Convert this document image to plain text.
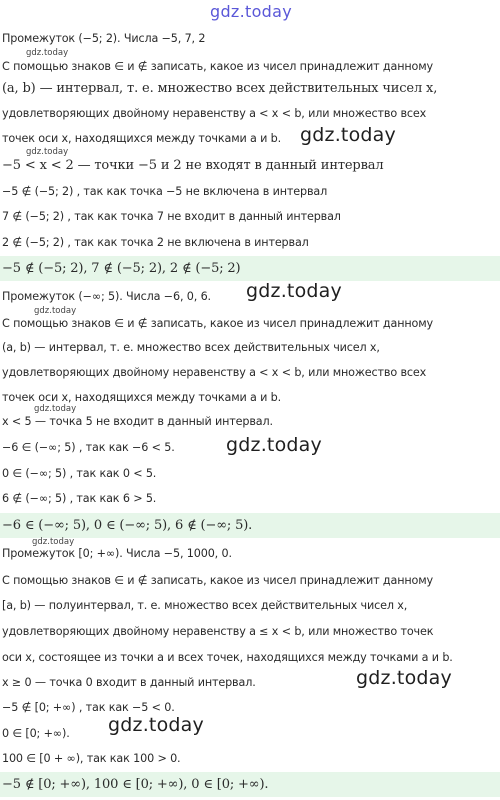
gdz.today
Промежуток (−5; 2). Числа −5, 7, 2
gdz.today
С помощью знаков ∈ и ∉ записать, какое из чисел принадлежит данному
(a, b) — интервал, т. е. множество всех действительных чисел x,
удовлетворяющих двойному неравенству a < x < b, или множество всех
точек оси x, находящихся между точками a и b. gdz.today
gdz.today
−5 < x < 2 — точки −5 и 2 не входят в данный интервал
−5 ∉ (−5; 2) , так как точка −5 не включена в интервал
7 ∉ (−5; 2) , так как точка 7 не входит в данный интервал
2 ∉ (−5; 2) , так как точка 2 не включена в интервал
−5 ∉ (−5; 2), 7 ∉ (−5; 2), 2 ∉ (−5; 2)
Промежуток (−∞; 5). Числа −6, 0, 6.	gdz.today
gdz.today
С помощью знаков ∈ и ∉ записать, какое из чисел принадлежит данному
(a, b) — интервал, т. е. множество всех действительных чисел x,
удовлетворяющих двойному неравенству a < x < b, или множество всех
точек оси x, находящихся между точками a и b.
gdz.today
x < 5 — точка 5 не входит в данный интервал.
−6 ∈ (−∞; 5) , так как −6 < 5.	gdz.today
0 ∈ (−∞; 5) , так как 0 < 5.
6 ∉ (−∞; 5) , так как 6 > 5.
−6 ∈ (−∞; 5), 0 ∈ (−∞; 5), 6 ∉ (−∞; 5).
gdz.today
Промежуток [0; +∞). Числа −5, 1000, 0.
С помощью знаков ∈ и ∉ записать, какое из чисел принадлежит данному
[a, b) — полуинтервал, т. е. множество всех действительных чисел x,
удовлетворяющих двойному неравенству a ≤ x < b, или множество точек
оси x, состоящее из точки a и всех точек, находящихся между точками a и b.
x ≥ 0 — точка 0 входит в данный интервал.	gdz.today
−5 ∉ [0; +∞) , так как −5 < 0.
gdz.today
0 ∈ [0; +∞).
100 ∈ [0 + ∞), так как 100 > 0.
−5 ∉ [0; +∞), 100 ∈ [0; +∞), 0 ∈ [0; +∞).
